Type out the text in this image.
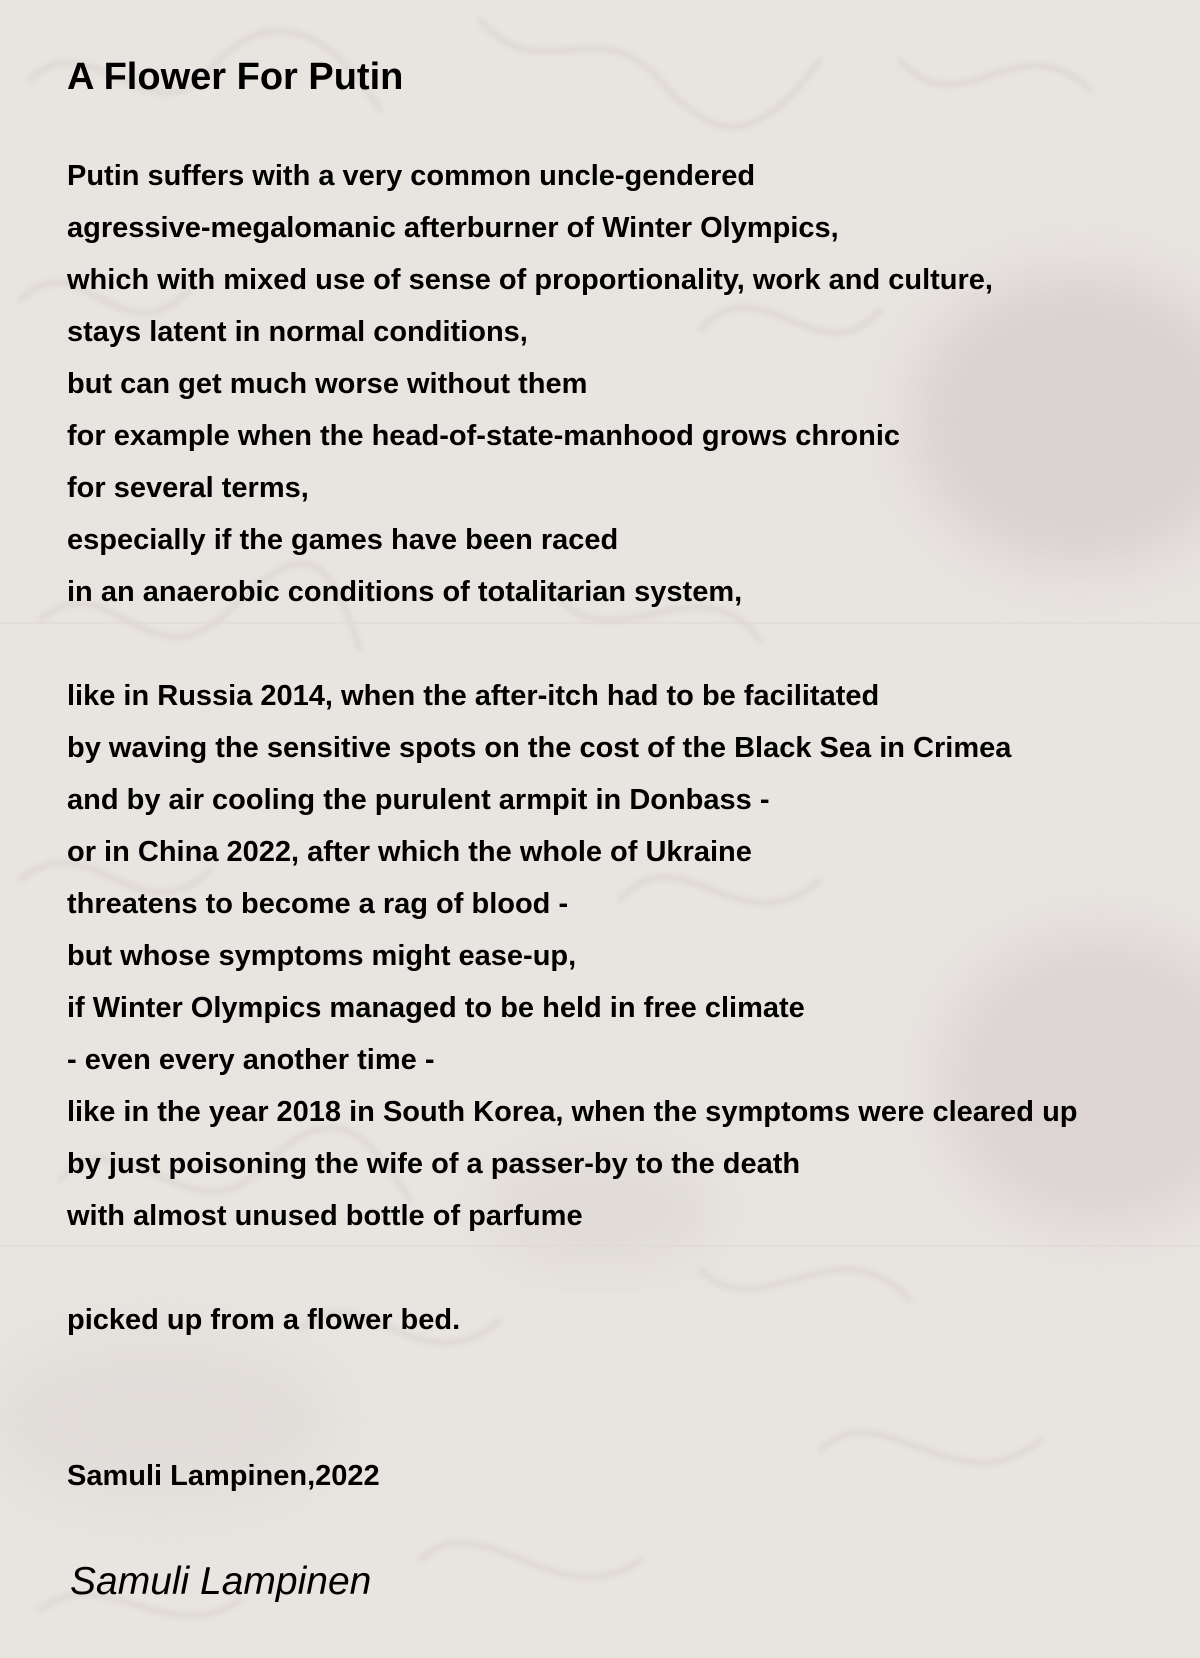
A Flower For Putin
Putin suffers with a very common uncle-gendered
agressive-megalomanic afterburner of Winter Olympics,
which with mixed use of sense of proportionality, work and culture,
stays latent in normal conditions,
but can get much worse without them
for example when the head-of-state-manhood grows chronic
for several terms,
especially if the games have been raced
in an anaerobic conditions of totalitarian system,
like in Russia 2014, when the after-itch had to be facilitated
by waving the sensitive spots on the cost of the Black Sea in Crimea
and by air cooling the purulent armpit in Donbass -
or in China 2022, after which the whole of Ukraine
threatens to become a rag of blood -
but whose symptoms might ease-up,
if Winter Olympics managed to be held in free climate
- even every another time -
like in the year 2018 in South Korea, when the symptoms were cleared up
by just poisoning the wife of a passer-by to the death
with almost unused bottle of parfume
picked up from a flower bed.
Samuli Lampinen,2022
Samuli Lampinen
